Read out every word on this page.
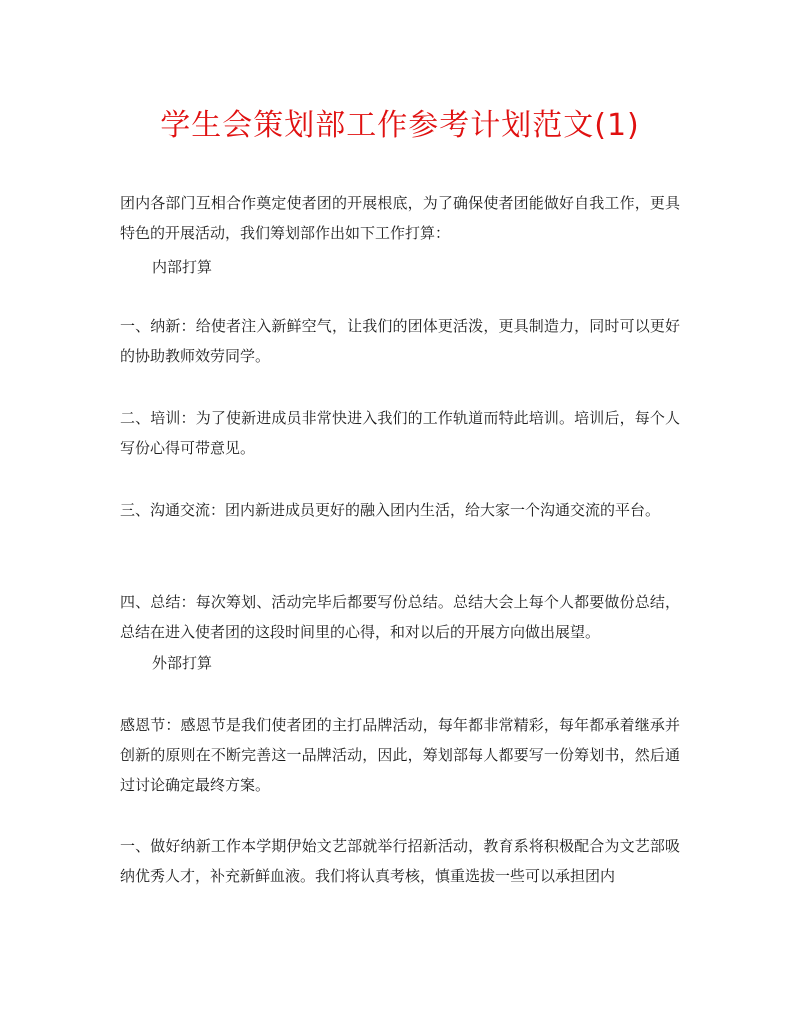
学生会策划部工作参考计划范文(1)

团内各部门互相合作奠定使者团的开展根底，为了确保使者团能做好自我工作，更具特色的开展活动，我们筹划部作出如下工作打算：

内部打算

一、纳新：给使者注入新鲜空气，让我们的团体更活泼，更具制造力，同时可以更好的协助教师效劳同学。

二、培训：为了使新进成员非常快进入我们的工作轨道而特此培训。培训后，每个人写份心得可带意见。

三、沟通交流：团内新进成员更好的融入团内生活，给大家一个沟通交流的平台。

四、总结：每次筹划、活动完毕后都要写份总结。总结大会上每个人都要做份总结，总结在进入使者团的这段时间里的心得，和对以后的开展方向做出展望。

外部打算

感恩节：感恩节是我们使者团的主打品牌活动，每年都非常精彩，每年都承着继承并创新的原则在不断完善这一品牌活动，因此，筹划部每人都要写一份筹划书，然后通过讨论确定最终方案。

一、做好纳新工作本学期伊始文艺部就举行招新活动，教育系将积极配合为文艺部吸纳优秀人才，补充新鲜血液。我们将认真考核，慎重选拔一些可以承担团内
